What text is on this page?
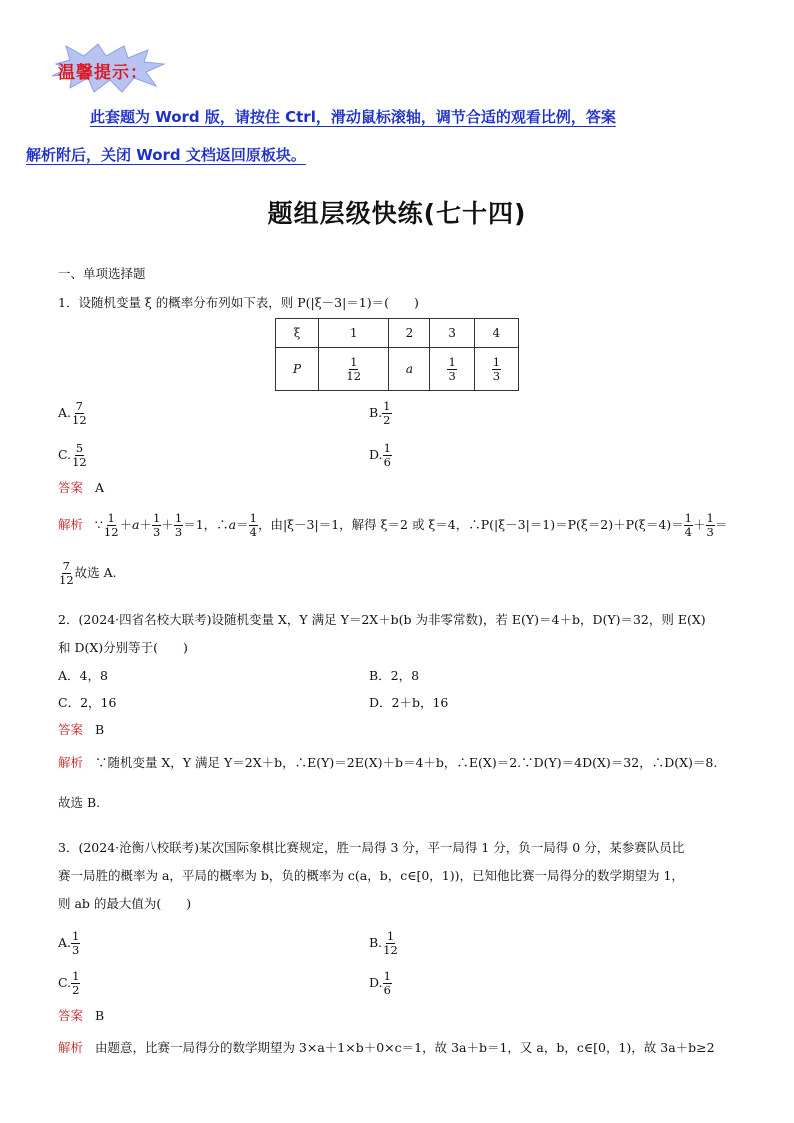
温馨提示：
此套题为 Word 版，请按住 Ctrl，滑动鼠标滚轴，调节合适的观看比例，答案
解析附后，关闭 Word 文档返回原板块。
题组层级快练(七十四)
一、单项选择题
1．设随机变量 ξ 的概率分布列如下表，则 P(|ξ－3|＝1)＝(　　)
ξ	1	2	3	4
P	$\frac{1}{12}$	a	$\frac{1}{3}$	$\frac{1}{3}$
A. $\frac{7}{12}$	B. $\frac{1}{2}$
C. $\frac{5}{12}$	D. $\frac{1}{6}$
答案 A
解析   ∵ $\frac{1}{12} +a+ \frac{1}{3} + \frac{1}{3} =1$，∴a＝ $\frac{1}{4}$ ，由|ξ－3|＝1，解得 ξ＝2 或 ξ＝4，∴P(|ξ－3|＝1)＝P(ξ＝2)＋P(ξ＝4)＝ $\frac{1}{4} + \frac{1}{3}$ ＝
$\frac{7}{12}$ 故选 A.
2．(2024·四省名校大联考)设随机变量 X，Y 满足 Y＝2X＋b(b 为非零常数)，若 E(Y)＝4＋b，D(Y)＝32，则 E(X)
和 D(X)分别等于(　　)
A．4，8	B．2，8
C．2，16	D．2＋b，16
答案 B
解析 ∵随机变量 X，Y 满足 Y＝2X＋b，∴E(Y)＝2E(X)＋b＝4＋b，∴E(X)＝2.∵D(Y)＝4D(X)＝32，∴D(X)＝8.
故选 B.
3．(2024·沧衡八校联考)某次国际象棋比赛规定，胜一局得 3 分，平一局得 1 分，负一局得 0 分，某参赛队员比
赛一局胜的概率为 a，平局的概率为 b，负的概率为 c(a，b，c∈[0，1))，已知他比赛一局得分的数学期望为 1，
则 ab 的最大值为(　　)
A. $\frac{1}{3}$	B. $\frac{1}{12}$
C. $\frac{1}{2}$	D. $\frac{1}{6}$
答案 B
解析 由题意，比赛一局得分的数学期望为 3×a＋1×b＋0×c＝1，故 3a＋b＝1，又 a，b，c∈[0，1)，故 3a＋b≥2
